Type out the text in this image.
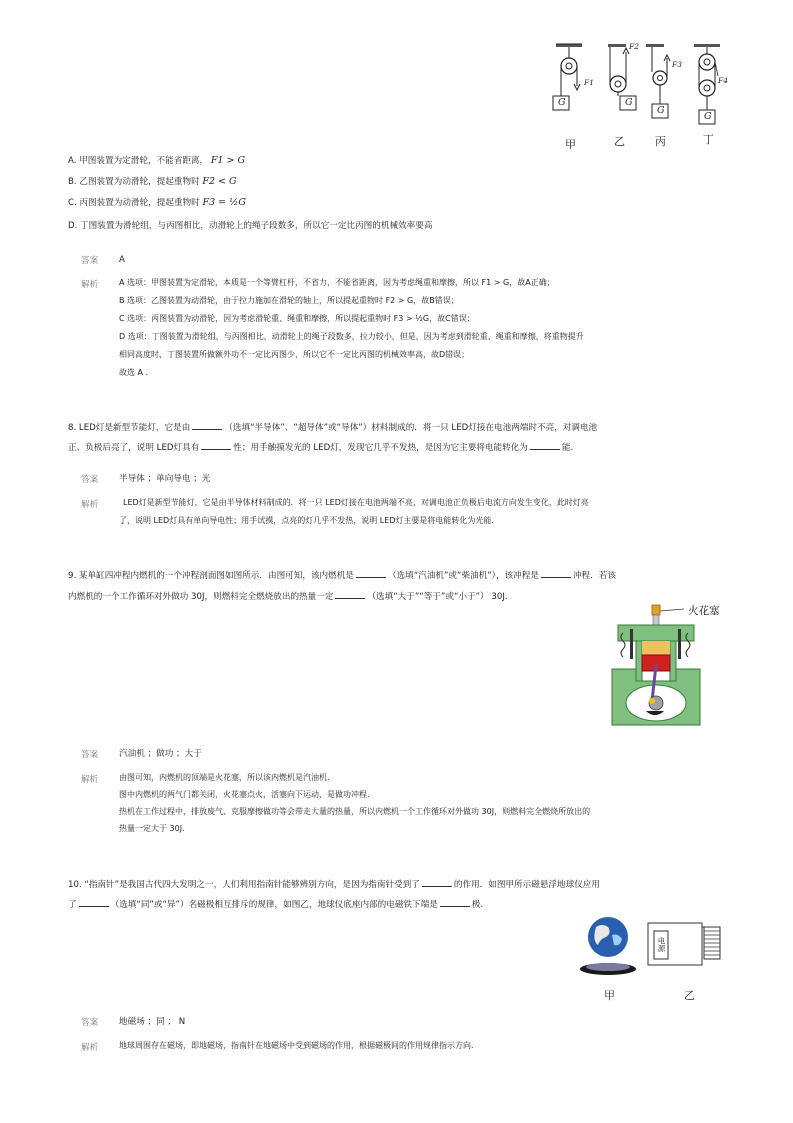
G
F1
G
F2
G
F3
G
F4
甲	乙	丙	丁
A. 甲图装置为定滑轮，不能省距离， F1 > G
B. 乙图装置为动滑轮，提起重物时 F2 < G
C. 丙图装置为动滑轮，提起重物时 F3 = ½G
D. 丁图装置为滑轮组，与丙图相比，动滑轮上的绳子段数多，所以它一定比丙图的机械效率要高
答案 A
解析	A 选项：甲图装置为定滑轮，本质是一个等臂杠杆，不省力，不能省距离，因为考虑绳重和摩擦，所以 F1 > G，故A正确；
B 选项：乙图装置为动滑轮，由于拉力施加在滑轮的轴上，所以提起重物时 F2 > G，故B错误；
C 选项：丙图装置为动滑轮，因为考虑滑轮重、绳重和摩擦，所以提起重物时 F3 > ½G，故C错误；
D 选项：丁图装置为滑轮组，与丙图相比，动滑轮上的绳子段数多，拉力较小，但是，因为考虑到滑轮重、绳重和摩擦，将重物提升
相同高度时，丁图装置所做额外功不一定比丙图少，所以它不一定比丙图的机械效率高，故D错误；
故选 A .
8. LED灯是新型节能灯，它是由	（选填“半导体”、“超导体”或“导体”）材料制成的．将一只 LED灯接在电池两端时不亮，对调电池
正、负极后亮了，说明 LED灯具有	性；用手触摸发光的 LED灯，发现它几乎不发热，是因为它主要将电能转化为	能.
答案 半导体 ；单向导电 ；光
解析	LED灯是新型节能灯，它是由半导体材料制成的．将一只 LED灯接在电池两端不亮，对调电池正负极后电流方向发生变化，此时灯亮
了，说明 LED灯具有单向导电性；用手试摸，点亮的灯几乎不发热，说明 LED灯主要是将电能转化为光能.
9. 某单缸四冲程内燃机的一个冲程剖面图如图所示．由图可知，该内燃机是	（选填“汽油机”或“柴油机”），该冲程是	冲程．若该
内燃机的一个工作循环对外做功 30J，则燃料完全燃烧放出的热量一定	（选填“大于”“等于”或“小于”） 30J.
火花塞
答案 汽油机 ；做功 ；大于
解析	由图可知，内燃机的顶端是火花塞，所以该内燃机是汽油机.
图中内燃机的两气门都关闭，火花塞点火，活塞向下运动，是做功冲程.
热机在工作过程中，排放废气、克服摩擦做功等会带走大量的热量，所以内燃机一个工作循环对外做功 30J，则燃料完全燃烧所放出的
热量一定大于 30J.
10. “指南针”是我国古代四大发明之一，人们利用指南针能够辨别方向，是因为指南针受到了	的作用．如图甲所示磁悬浮地球仪应用
了	（选填“同”或“异”）名磁极相互排斥的规律，如图乙，地球仪底座内部的电磁铁下端是	极.
电源
甲	乙
答案 地磁场 ；同 ； N
解析	地球周围存在磁场，即地磁场，指南针在地磁场中受到磁场的作用，根据磁极间的作用规律指示方向.
